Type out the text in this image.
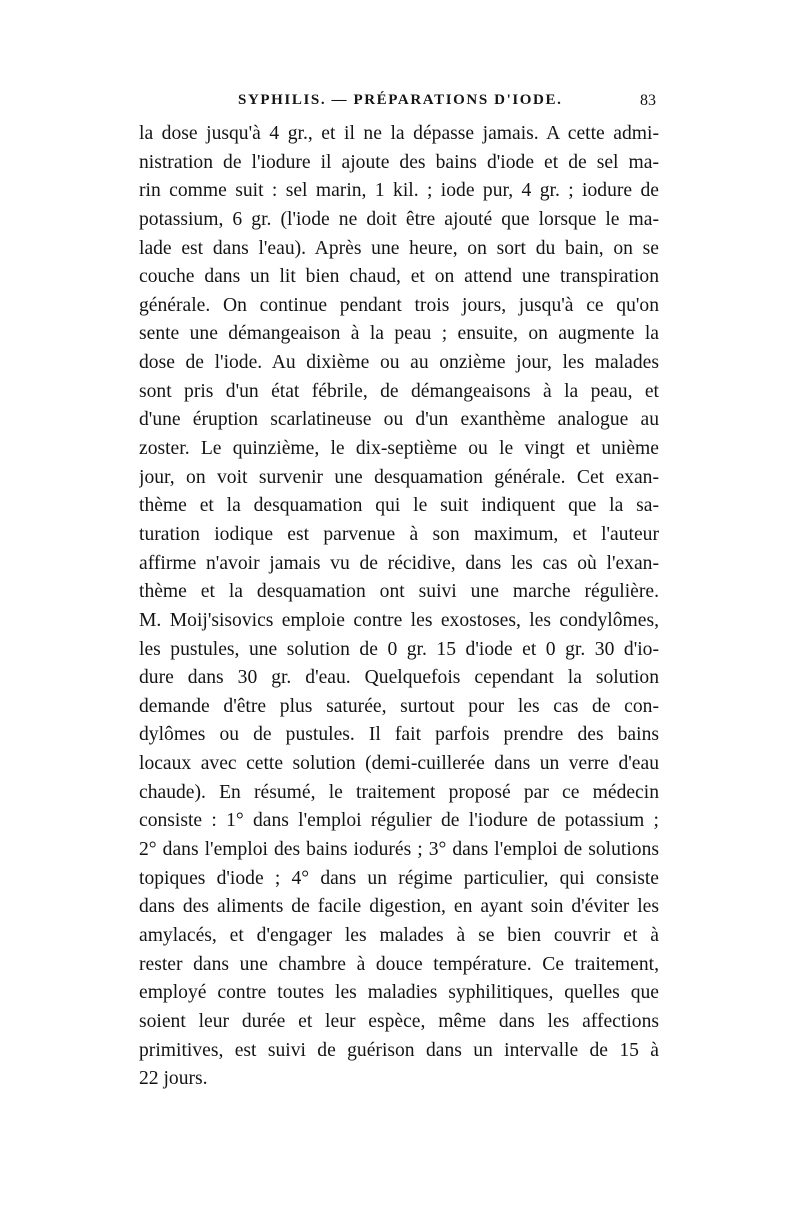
SYPHILIS. — PRÉPARATIONS D'IODE.	83
la dose jusqu'à 4 gr., et il ne la dépasse jamais. A cette admi-
nistration de l'iodure il ajoute des bains d'iode et de sel ma-
rin comme suit : sel marin, 1 kil. ; iode pur, 4 gr. ; iodure de
potassium, 6 gr. (l'iode ne doit être ajouté que lorsque le ma-
lade est dans l'eau). Après une heure, on sort du bain, on se
couche dans un lit bien chaud, et on attend une transpiration
générale. On continue pendant trois jours, jusqu'à ce qu'on
sente une démangeaison à la peau ; ensuite, on augmente la
dose de l'iode. Au dixième ou au onzième jour, les malades
sont pris d'un état fébrile, de démangeaisons à la peau, et
d'une éruption scarlatineuse ou d'un exanthème analogue au
zoster. Le quinzième, le dix-septième ou le vingt et unième
jour, on voit survenir une desquamation générale. Cet exan-
thème et la desquamation qui le suit indiquent que la sa-
turation iodique est parvenue à son maximum, et l'auteur
affirme n'avoir jamais vu de récidive, dans les cas où l'exan-
thème et la desquamation ont suivi une marche régulière.
M. Moij'sisovics emploie contre les exostoses, les condylômes,
les pustules, une solution de 0 gr. 15 d'iode et 0 gr. 30 d'io-
dure dans 30 gr. d'eau. Quelquefois cependant la solution
demande d'être plus saturée, surtout pour les cas de con-
dylômes ou de pustules. Il fait parfois prendre des bains
locaux avec cette solution (demi-cuillerée dans un verre d'eau
chaude). En résumé, le traitement proposé par ce médecin
consiste : 1° dans l'emploi régulier de l'iodure de potassium ;
2° dans l'emploi des bains iodurés ; 3° dans l'emploi de solutions
topiques d'iode ; 4° dans un régime particulier, qui consiste
dans des aliments de facile digestion, en ayant soin d'éviter les
amylacés, et d'engager les malades à se bien couvrir et à
rester dans une chambre à douce température. Ce traitement,
employé contre toutes les maladies syphilitiques, quelles que
soient leur durée et leur espèce, même dans les affections
primitives, est suivi de guérison dans un intervalle de 15 à
22 jours.
